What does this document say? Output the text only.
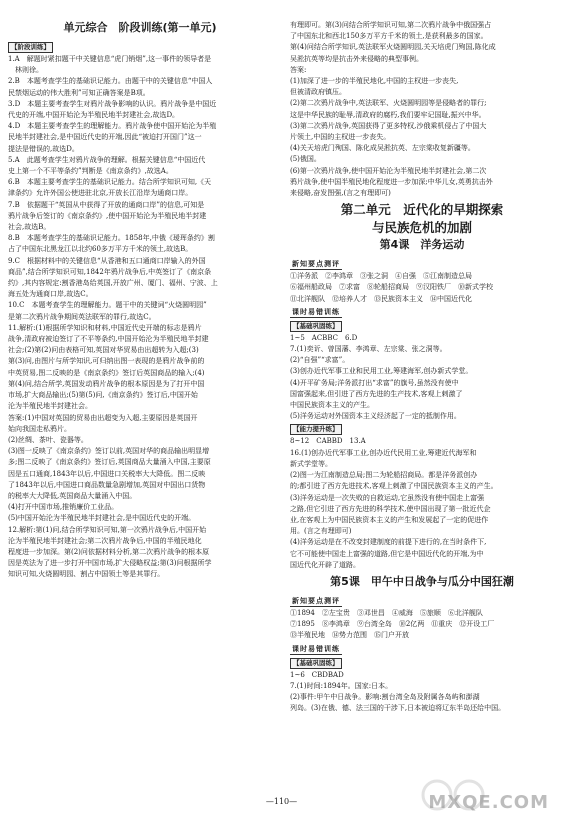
单元综合　阶段训练(第一单元)
【阶段训练】
1.A　解题时紧扣题干中关键信息“虎门销烟”,这一事件的领导者是
　林则徐。
2.B　本题考查学生的基础识记能力。由题干中的关键信息“中国人
民禁烟运动的伟大胜利”可知正确答案是B项。
3.D　本题主要考查学生对鸦片战争影响的认识。鸦片战争是中国近
代史的开端,中国开始沦为半殖民地半封建社会,故选D。
4.D　本题主要考查学生的理解能力。鸦片战争使中国开始沦为半殖
民地半封建社会,是中国近代史的开端,因此“被迫打开国门”这一
提法是错误的,故选D。
5.A　此题考查学生对鸦片战争的理解。根据关键信息“中国近代
史上第一个不平等条约”判断是《南京条约》,故选A。
6.B　本题主要考查学生的基础识记能力。结合所学知识可知,《天
津条约》允许外国公使进驻北京,开放长江沿岸为通商口岸。
7.B　依据题干“英国从中获得了开放的通商口岸”的信息,可知是
鸦片战争后签订的《南京条约》,使中国开始沦为半殖民地半封建
社会,故选B。
8.B　本题考查学生的基础识记能力。1858年,中俄《瑷珲条约》割
占了中国东北黑龙江以北约60多万平方千米的领土,故选B。
9.C　根据材料中的关键信息“从香港和五口通商口岸输入的外国
商品”,结合所学知识可知,1842年鸦片战争后,中英签订了《南京条
约》,其内容规定:割香港岛给英国,开放广州、厦门、福州、宁波、上
海五处为通商口岸,故选C。
10.C　本题考查学生的理解能力。题干中的关键词“火烧圆明园”
是第二次鸦片战争期间英法联军的罪行,故选C。
11.解析:(1)根据所学知识和材料,中国近代史开端的标志是鸦片
战争,清政府被迫签订了不平等条约,中国开始沦为半殖民地半封建
社会;(2)第(2)问由表格可知,英国对华贸易由出超转为入超;(3)
第(3)问,由图片与所学知识,可归纳出图一表现的是鸦片战争前的
中英贸易,图二反映的是《南京条约》签订后英国商品的输入;(4)
第(4)问,结合所学,英国发动鸦片战争的根本原因是为了打开中国
市场,扩大商品输出;(5)第(5)问,《南京条约》签订后,中国开始
沦为半殖民地半封建社会。
答案:(1)中国对英国的贸易由出超变为入超,主要原因是英国开
始向我国走私鸦片。
(2)丝绸、茶叶、瓷器等。
(3)图一反映了《南京条约》签订以前,英国对华的商品输出明显增
多;图二反映了《南京条约》签订后,英国商品大量涌入中国,主要原
因是五口通商,1843年以后,中国进口关税率大大降低。图二反映
了1843年以后,中国进口商品数量急剧增加,英国对中国出口货物
的税率大大降低,英国商品大量涌入中国。
(4)打开中国市场,推销廉价工业品。
(5)中国开始沦为半殖民地半封建社会,是中国近代史的开端。
12.解析:第(1)问,结合所学知识可知,第一次鸦片战争后,中国开始
沦为半殖民地半封建社会;第二次鸦片战争后,中国的半殖民地化
程度进一步加深。第(2)问依据材料分析,第二次鸦片战争的根本原
因是英法为了进一步打开中国市场,扩大侵略权益;第(3)问根据所学
知识可知,火烧圆明园、割占中国领土等是其罪行。
有理即可。第(3)问结合所学知识可知,第二次鸦片战争中俄国强占
了中国东北和西北150多万平方千米的领土,是获利最多的国家。
第(4)问结合所学知识,英法联军火烧圆明园,关天培虎门殉国,陈化成
吴淞抗英等均是抗击外来侵略的典型事例。
答案:
(1)加深了进一步的半殖民地化,中国的主权进一步丧失,
但被清政府镇压。
(2)第二次鸦片战争中,英法联军、火烧圆明园等是侵略者的罪行;
这是中华民族的耻辱,清政府的腐朽,我们要牢记国耻,振兴中华。
(3)第二次鸦片战争,英国获得了更多特权,沙俄乘机侵占了中国大
片领土,中国的主权进一步丧失。
(4)关天培虎门殉国、陈化成吴淞抗英、左宗棠收复新疆等。
(5)俄国。
(6)第一次鸦片战争,使中国开始沦为半殖民地半封建社会,第二次
鸦片战争,使中国半殖民地化程度进一步加深;中华儿女,英勇抗击外
来侵略,奋发图强,(言之有理即可)
第二单元　近代化的早期探索
与民族危机的加剧
第4课　洋务运动
新知要点测评
①洋务派　②李鸿章　③张之洞　④自强　⑤江南制造总局
⑥福州船政局　⑦求富　⑧轮船招商局　⑨汉阳铁厂　⑩新式学校
⑪北洋舰队　⑫培养人才　⑬民族资本主义　⑭中国近代化
课时易错训练
【基础巩固练】
1~5　ACBBC　6.D
7.(1)奕䜣、曾国藩、李鸿章、左宗棠、张之洞等。
(2)“自强”“求富”。
(3)创办近代军事工业和民用工业,筹建海军,创办新式学堂。
(4)开平矿务局;洋务派打出“求富”的旗号,虽然没有使中
国富强起来,但引进了西方先进的生产技术,客观上刺激了
中国民族资本主义的产生。
(5)洋务运动对外国资本主义经济起了一定的抵制作用。
【能力提升练】
8~12　CABBD　13.A
16.(1)创办近代军事工业,创办近代民用工业,筹建近代海军和
新式学堂等。
(2)图一为江南制造总局;图二为轮船招商局。都是洋务派创办
的;都引进了西方先进技术,客观上刺激了中国民族资本主义的产生。
(3)洋务运动是一次失败的自救运动,它虽然没有使中国走上富强
之路,但它引进了西方先进的科学技术,使中国出现了第一批近代企
业,在客观上为中国民族资本主义的产生和发展起了一定的促进作
用。(言之有理即可)
(4)洋务运动是在不改变封建制度的前提下进行的,在当时条件下,
它不可能使中国走上富强的道路,但它是中国近代化的开端,为中
国近代化开辟了道路。
第5课　甲午中日战争与瓜分中国狂潮
新知要点测评
①1894　②左宝贵　③邓世昌　④威海　⑤旅顺　⑥北洋舰队
⑦1895　⑧李鸿章　⑨台湾全岛　⑩2亿两　⑪重庆　⑫开设工厂
⑬半殖民地　⑭势力范围　⑮门户开放
课时易错训练
【基础巩固练】
1~6　CBDBAD
7.(1)时间:1894年。国家:日本。
(2)事件:甲午中日战争。影响:割台湾全岛及附属各岛屿和澎湖
列岛。(3)在俄、德、法三国的干涉下,日本被迫将辽东半岛还给中国。
—110—	MXQE.COM
